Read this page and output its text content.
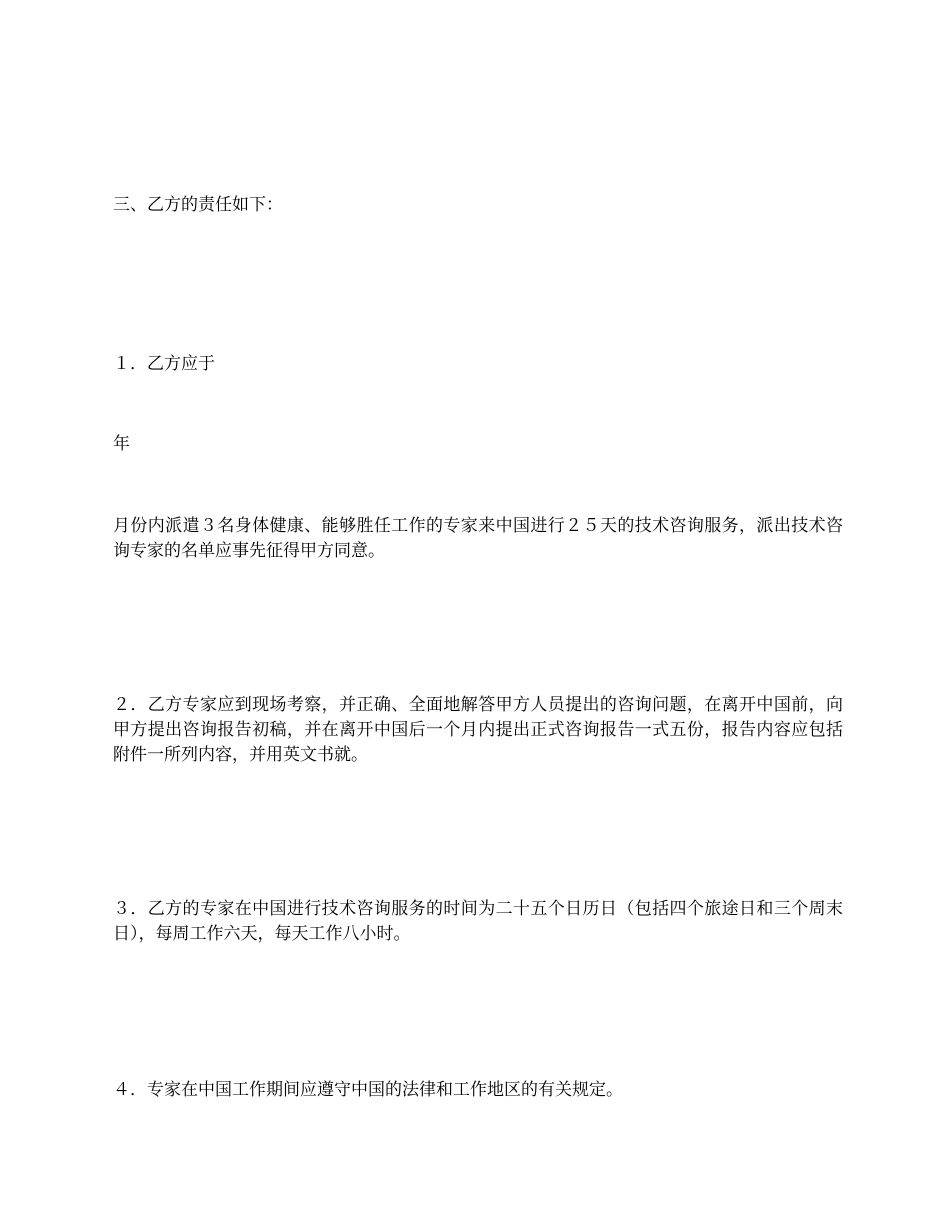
三、乙方的责任如下：

１．乙方应于

年

月份内派遣３名身体健康、能够胜任工作的专家来中国进行２５天的技术咨询服务，派出技术咨询专家的名单应事先征得甲方同意。

２．乙方专家应到现场考察，并正确、全面地解答甲方人员提出的咨询问题，在离开中国前，向甲方提出咨询报告初稿，并在离开中国后一个月内提出正式咨询报告一式五份，报告内容应包括附件一所列内容，并用英文书就。

３．乙方的专家在中国进行技术咨询服务的时间为二十五个日历日（包括四个旅途日和三个周末日），每周工作六天，每天工作八小时。

４．专家在中国工作期间应遵守中国的法律和工作地区的有关规定。
